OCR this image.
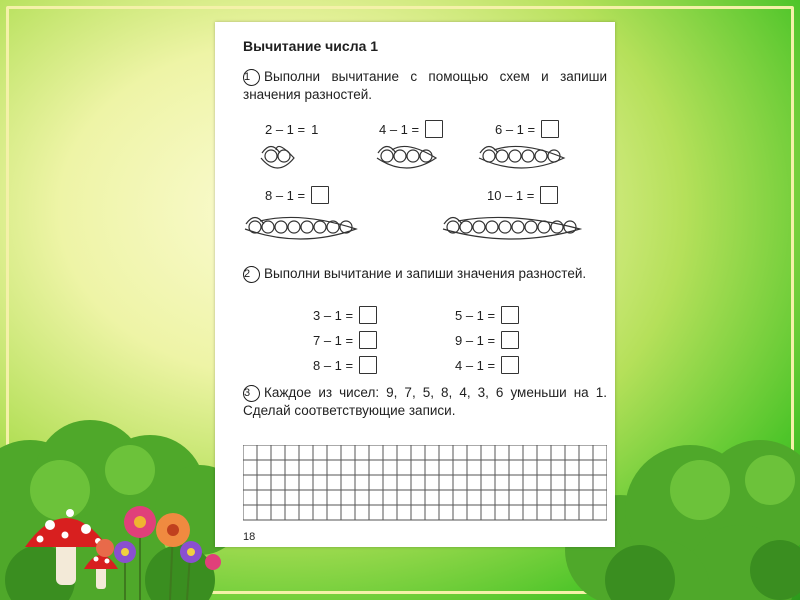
Вычитание числа 1
1 Выполни вычитание с помощью схем и запиши значения разностей.
2 – 1 = 1	4 – 1 =	6 – 1 =
8 – 1 =	10 – 1 =
2 Выполни вычитание и запиши значения разностей.
3 – 1 =	5 – 1 =
7 – 1 =	9 – 1 =
8 – 1 =	4 – 1 =
3 Каждое из чисел: 9, 7, 5, 8, 4, 3, 6 уменьши на 1. Сделай соответствующие записи.
18
